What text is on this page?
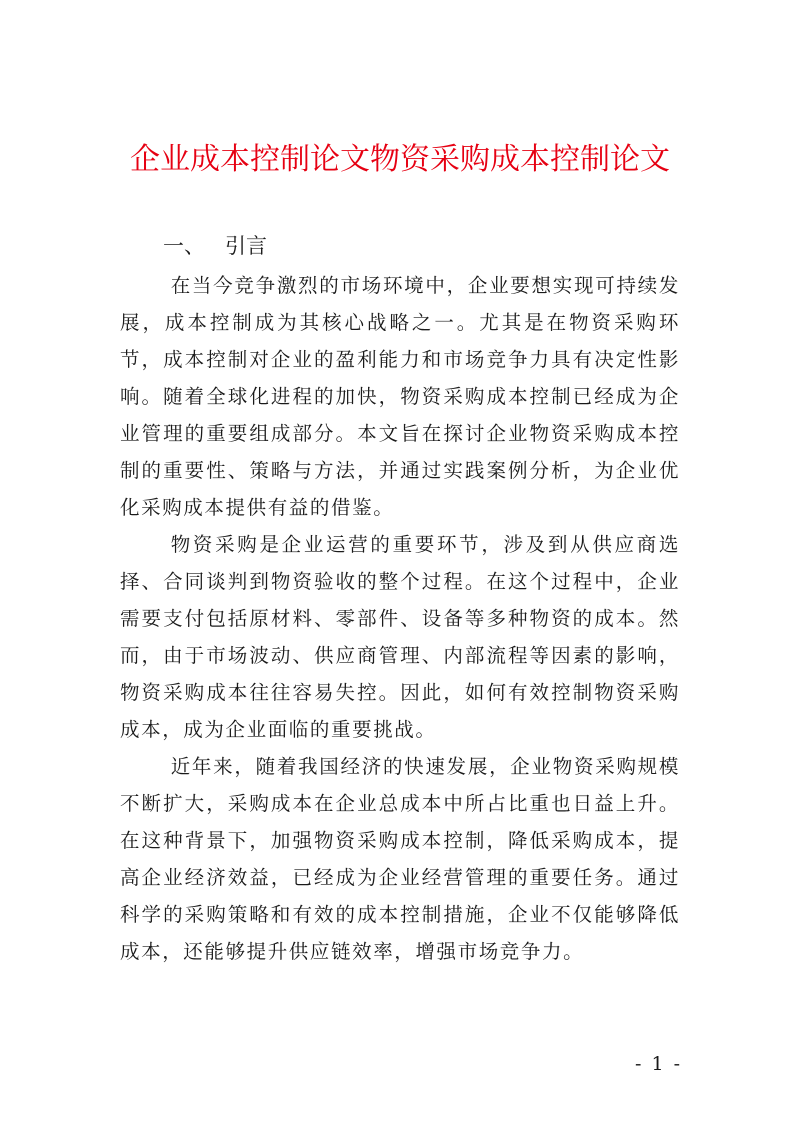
企业成本控制论文物资采购成本控制论文
一、 引言

在当今竞争激烈的市场环境中，企业要想实现可持续发展，成本控制成为其核心战略之一。尤其是在物资采购环节，成本控制对企业的盈利能力和市场竞争力具有决定性影响。随着全球化进程的加快，物资采购成本控制已经成为企业管理的重要组成部分。本文旨在探讨企业物资采购成本控制的重要性、策略与方法，并通过实践案例分析，为企业优化采购成本提供有益的借鉴。

物资采购是企业运营的重要环节，涉及到从供应商选择、合同谈判到物资验收的整个过程。在这个过程中，企业需要支付包括原材料、零部件、设备等多种物资的成本。然而，由于市场波动、供应商管理、内部流程等因素的影响，物资采购成本往往容易失控。因此，如何有效控制物资采购成本，成为企业面临的重要挑战。

近年来，随着我国经济的快速发展，企业物资采购规模不断扩大，采购成本在企业总成本中所占比重也日益上升。在这种背景下，加强物资采购成本控制，降低采购成本，提高企业经济效益，已经成为企业经营管理的重要任务。通过科学的采购策略和有效的成本控制措施，企业不仅能够降低成本，还能够提升供应链效率，增强市场竞争力。

- 1 -
